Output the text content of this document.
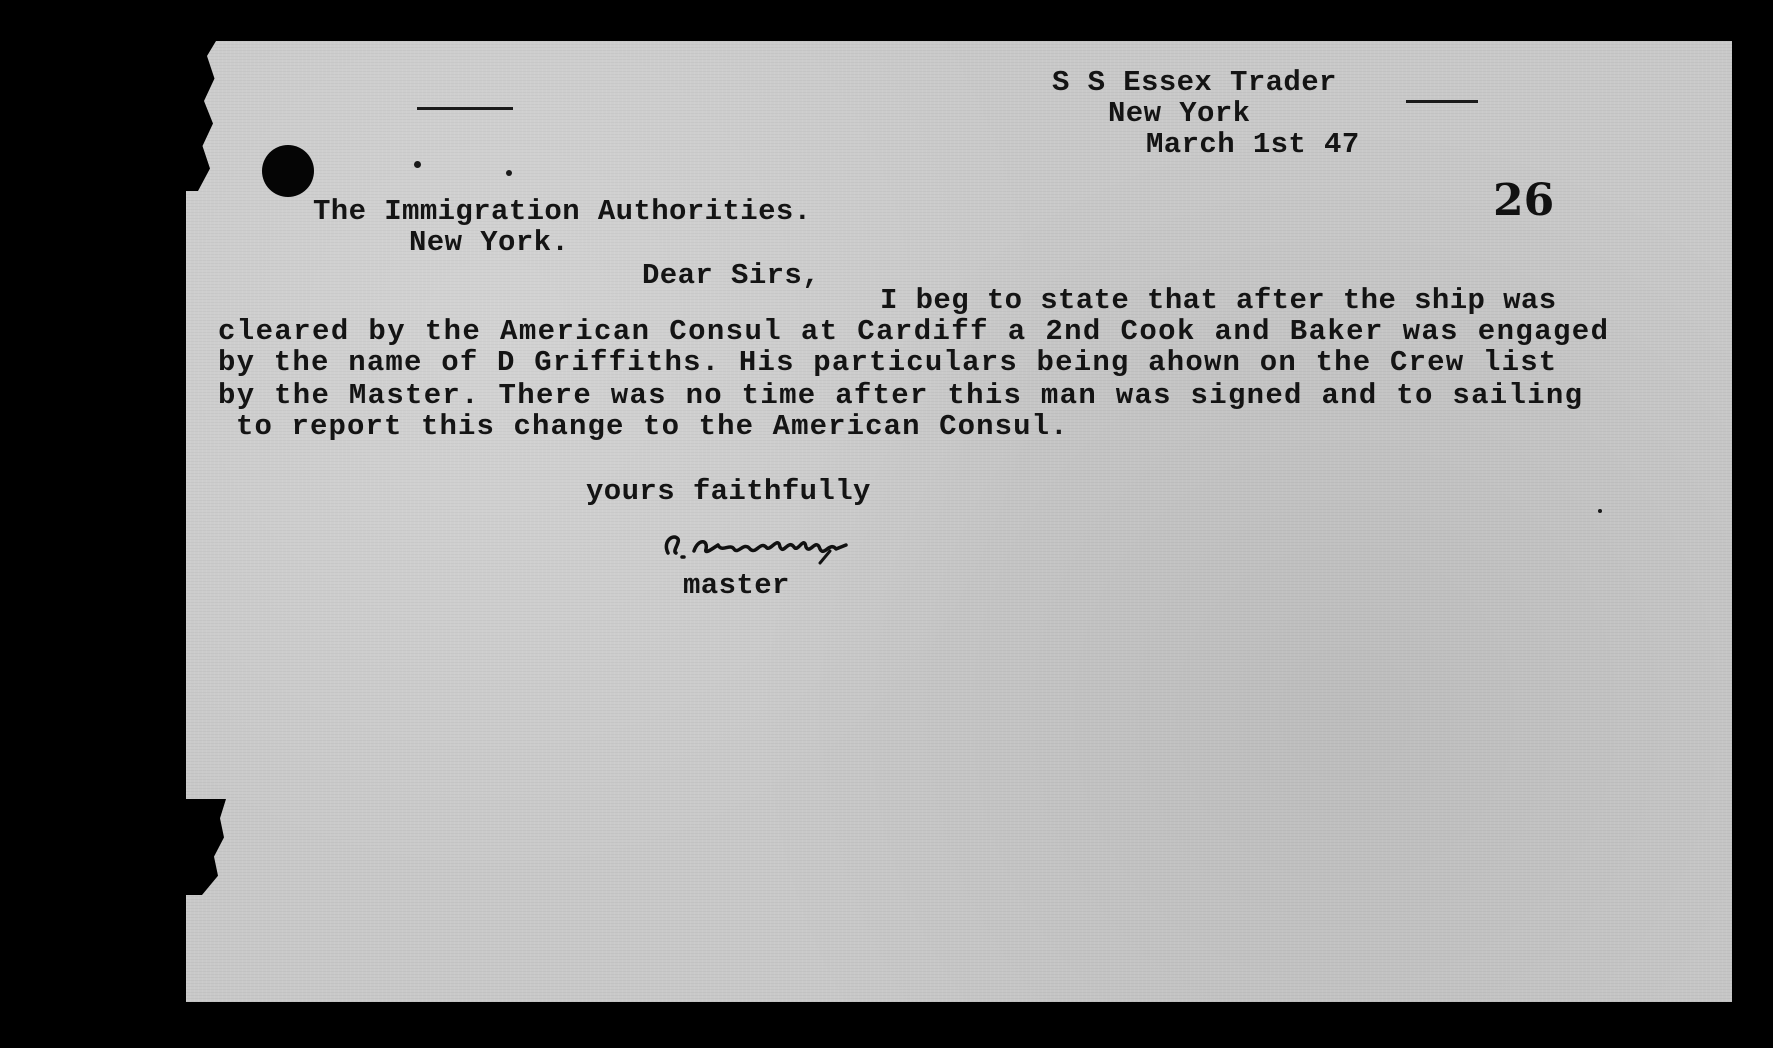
S S Essex Trader
New York
March 1st 47
26
The Immigration Authorities.
New York.
Dear Sirs,
I beg to state that after the ship was
cleared by the American Consul at Cardiff a 2nd Cook and Baker was engaged
by the name of D Griffiths. His particulars being ahown on the Crew list
by the Master. There was no time after this man was signed and to sailing
to report this change to the American Consul.
yours faithfully
master
